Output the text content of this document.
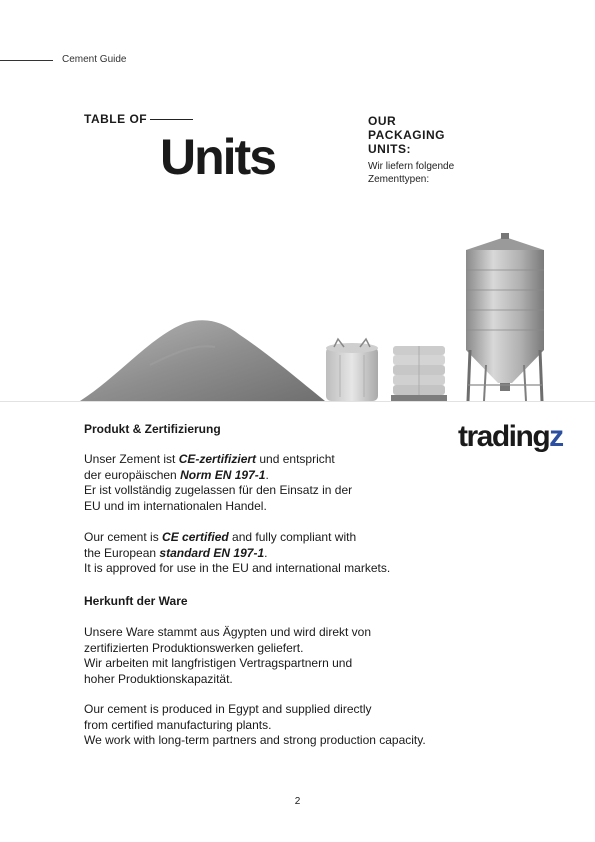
Cement Guide
TABLE OF
Units
OUR
PACKAGING
UNITS:
Wir liefern folgende
Zementtypen:
tradingz
Produkt & Zertifizierung
Unser Zement ist CE-zertifiziert und entspricht
der europäischen Norm EN 197-1.
Er ist vollständig zugelassen für den Einsatz in der
EU und im internationalen Handel.
Our cement is CE certified and fully compliant with
the European standard EN 197-1.
It is approved for use in the EU and international markets.
Herkunft der Ware
Unsere Ware stammt aus Ägypten und wird direkt von
zertifizierten Produktionswerken geliefert.
Wir arbeiten mit langfristigen Vertragspartnern und
hoher Produktionskapazität.
Our cement is produced in Egypt and supplied directly
from certified manufacturing plants.
We work with long-term partners and strong production capacity.
2
